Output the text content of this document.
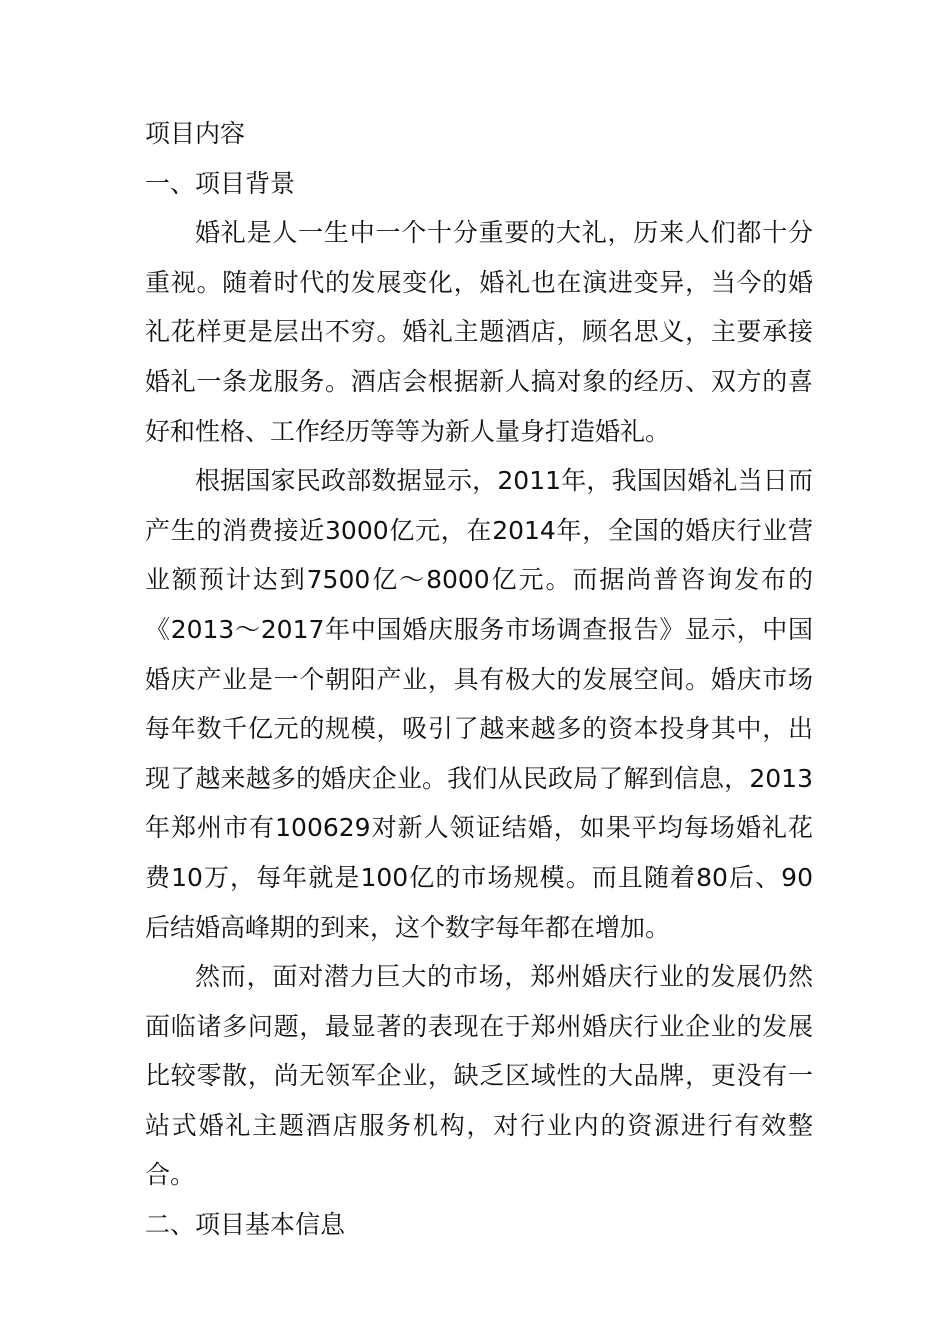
项目内容

一、项目背景

婚礼是人一生中一个十分重要的大礼，历来人们都十分重视。随着时代的发展变化，婚礼也在演进变异，当今的婚礼花样更是层出不穷。婚礼主题酒店，顾名思义，主要承接婚礼一条龙服务。酒店会根据新人搞对象的经历、双方的喜好和性格、工作经历等等为新人量身打造婚礼。

根据国家民政部数据显示，2011年，我国因婚礼当日而产生的消费接近3000亿元，在2014年，全国的婚庆行业营业额预计达到7500亿～8000亿元。而据尚普咨询发布的《2013～2017年中国婚庆服务市场调查报告》显示，中国婚庆产业是一个朝阳产业，具有极大的发展空间。婚庆市场每年数千亿元的规模，吸引了越来越多的资本投身其中，出现了越来越多的婚庆企业。我们从民政局了解到信息，2013年郑州市有100629对新人领证结婚，如果平均每场婚礼花费10万，每年就是100亿的市场规模。而且随着80后、90后结婚高峰期的到来，这个数字每年都在增加。

然而，面对潜力巨大的市场，郑州婚庆行业的发展仍然面临诸多问题，最显著的表现在于郑州婚庆行业企业的发展比较零散，尚无领军企业，缺乏区域性的大品牌，更没有一站式婚礼主题酒店服务机构，对行业内的资源进行有效整合。

二、项目基本信息
